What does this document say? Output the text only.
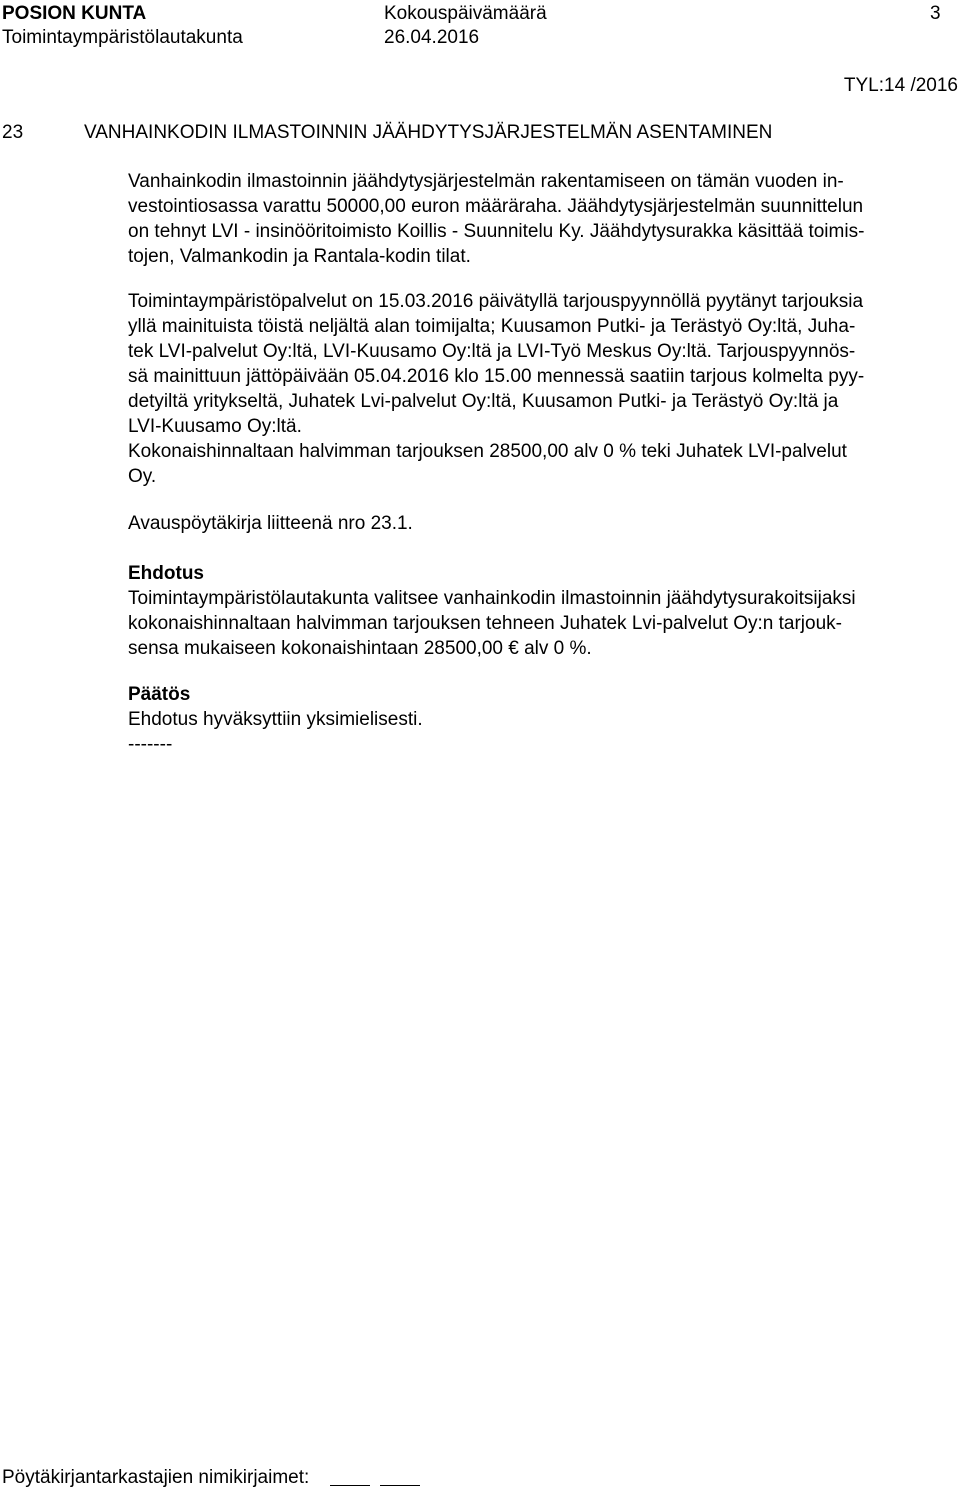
POSION KUNTA	Kokouspäivämäärä	3
Toimintaympäristölautakunta	26.04.2016
TYL:14 /2016
23	VANHAINKODIN ILMASTOINNIN JÄÄHDYTYSJÄRJESTELMÄN ASENTAMINEN
Vanhainkodin ilmastoinnin jäähdytysjärjestelmän rakentamiseen on tämän vuoden in-
vestointiosassa varattu 50000,00 euron määräraha. Jäähdytysjärjestelmän suunnittelun
on tehnyt LVI - insinööritoimisto Koillis - Suunnitelu Ky. Jäähdytysurakka käsittää toimis-
tojen, Valmankodin ja Rantala-kodin tilat.
Toimintaympäristöpalvelut on 15.03.2016 päivätyllä tarjouspyynnöllä pyytänyt tarjouksia
yllä mainituista töistä neljältä alan toimijalta; Kuusamon Putki- ja Terästyö Oy:ltä, Juha-
tek LVI-palvelut Oy:ltä, LVI-Kuusamo Oy:ltä ja LVI-Työ Meskus Oy:ltä. Tarjouspyynnös-
sä mainittuun jättöpäivään 05.04.2016 klo 15.00 mennessä saatiin tarjous kolmelta pyy-
detyiltä yritykseltä, Juhatek Lvi-palvelut Oy:ltä, Kuusamon Putki- ja Terästyö Oy:ltä ja
LVI-Kuusamo Oy:ltä.
Kokonaishinnaltaan halvimman tarjouksen 28500,00 alv 0 % teki Juhatek LVI-palvelut
Oy.
Avauspöytäkirja liitteenä nro 23.1.
Ehdotus
Toimintaympäristölautakunta valitsee vanhainkodin ilmastoinnin jäähdytysurakoitsijaksi
kokonaishinnaltaan halvimman tarjouksen tehneen Juhatek Lvi-palvelut Oy:n tarjouk-
sensa mukaiseen kokonaishintaan 28500,00 € alv 0 %.
Päätös
Ehdotus hyväksyttiin yksimielisesti.
-------
Pöytäkirjantarkastajien nimikirjaimet:
